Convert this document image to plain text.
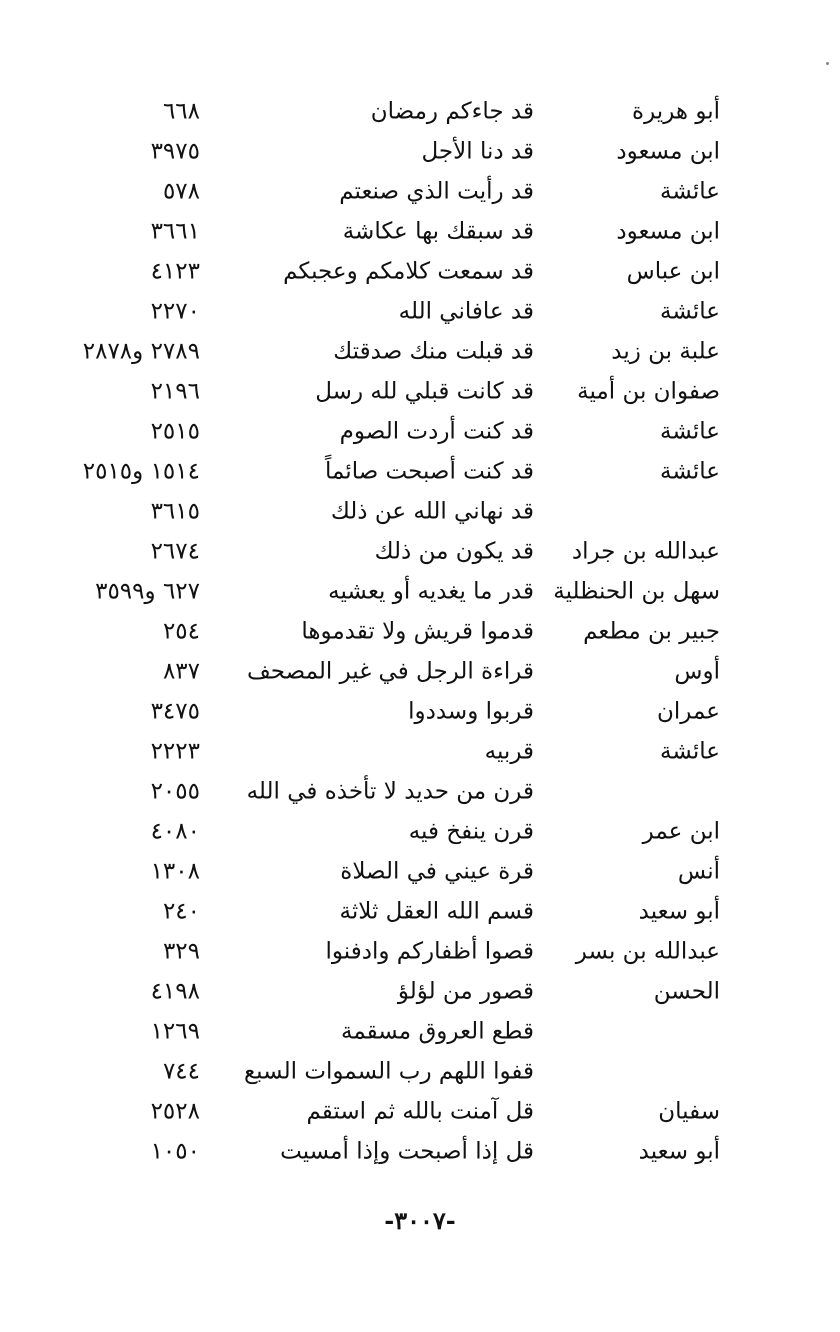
أبو هريرة
قد جاءكم رمضان
٦٦٨
ابن مسعود
قد دنا الأجل
٣٩٧٥
عائشة
قد رأيت الذي صنعتم
٥٧٨
ابن مسعود
قد سبقك بها عكاشة
٣٦٦١
ابن عباس
قد سمعت كلامكم وعجبكم
٤١٢٣
عائشة
قد عافاني الله
٢٢٧٠
علبة بن زيد
قد قبلت منك صدقتك
٢٧٨٩ و٢٨٧٨
صفوان بن أمية
قد كانت قبلي لله رسل
٢١٩٦
عائشة
قد كنت أردت الصوم
٢٥١٥
عائشة
قد كنت أصبحت صائماً
١٥١٤ و٢٥١٥
قد نهاني الله عن ذلك
٣٦١٥
عبدالله بن جراد
قد يكون من ذلك
٢٦٧٤
سهل بن الحنظلية
قدر ما يغديه أو يعشيه
٦٢٧ و٣٥٩٩
جبير بن مطعم
قدموا قريش ولا تقدموها
٢٥٤
أوس
قراءة الرجل في غير المصحف
٨٣٧
عمران
قربوا وسددوا
٣٤٧٥
عائشة
قربيه
٢٢٢٣
قرن من حديد لا تأخذه في الله
٢٠٥٥
ابن عمر
قرن ينفخ فيه
٤٠٨٠
أنس
قرة عيني في الصلاة
١٣٠٨
أبو سعيد
قسم الله العقل ثلاثة
٢٤٠
عبدالله بن بسر
قصوا أظفاركم وادفنوا
٣٢٩
الحسن
قصور من لؤلؤ
٤١٩٨
قطع العروق مسقمة
١٢٦٩
قفوا اللهم رب السموات السبع
٧٤٤
سفيان
قل آمنت بالله ثم استقم
٢٥٢٨
أبو سعيد
قل إذا أصبحت وإذا أمسيت
١٠٥٠
-٣٠٠٧-
